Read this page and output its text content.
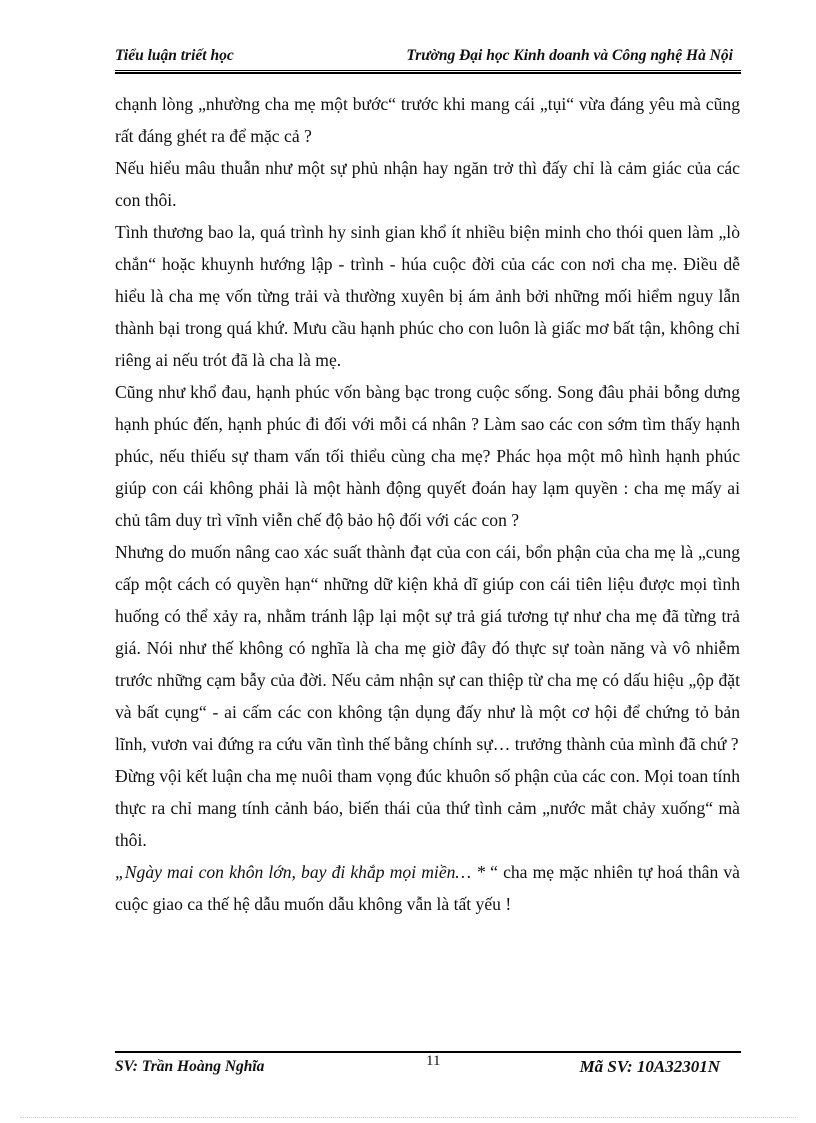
Tiểu luận triết học	Trường Đại học Kinh doanh và Công nghệ Hà Nội

chạnh lòng „nhường cha mẹ một bước“ trước khi mang cái „tụi“ vừa đáng yêu mà cũng rất đáng ghét ra để mặc cả ?

Nếu hiểu mâu thuẫn như một sự phủ nhận hay ngăn trở thì đấy chỉ là cảm giác của các con thôi.

Tình thương bao la, quá trình hy sinh gian khổ ít nhiều biện minh cho thói quen làm „lò chắn“ hoặc khuynh hướng lập - trình - húa cuộc đời của các con nơi cha mẹ. Điều dễ hiểu là cha mẹ vốn từng trải và thường xuyên bị ám ảnh bởi những mối hiểm nguy lẫn thành bại trong quá khứ. Mưu cầu hạnh phúc cho con luôn là giấc mơ bất tận, không chỉ riêng ai nếu trót đã là cha là mẹ.

Cũng như khổ đau, hạnh phúc vốn bàng bạc trong cuộc sống. Song đâu phải bỗng dưng hạnh phúc đến, hạnh phúc đi đối với mỗi cá nhân ? Làm sao các con sớm tìm thấy hạnh phúc, nếu thiếu sự tham vấn tối thiểu cùng cha mẹ? Phác họa một mô hình hạnh phúc giúp con cái không phải là một hành động quyết đoán hay lạm quyền : cha mẹ mấy ai chủ tâm duy trì vĩnh viễn chế độ bảo hộ đối với các con ?

Nhưng do muốn nâng cao xác suất thành đạt của con cái, bổn phận của cha mẹ là „cung cấp một cách có quyền hạn“ những dữ kiện khả dĩ giúp con cái tiên liệu được mọi tình huống có thể xảy ra, nhằm tránh lập lại một sự trả giá tương tự như cha mẹ đã từng trả giá. Nói như thế không có nghĩa là cha mẹ giờ đây đó thực sự toàn năng và vô nhiễm trước những cạm bẫy của đời. Nếu cảm nhận sự can thiệp từ cha mẹ có dấu hiệu „ộp đặt và bất cụng“ - ai cấm các con không tận dụng đấy như là một cơ hội để chứng tỏ bản lĩnh, vươn vai đứng ra cứu vãn tình thế bằng chính sự… trưởng thành của mình đã chứ ?

Đừng vội kết luận cha mẹ nuôi tham vọng đúc khuôn số phận của các con. Mọi toan tính thực ra chỉ mang tính cảnh báo, biến thái của thứ tình cảm „nước mắt chảy xuống“ mà thôi.

„Ngày mai con khôn lớn, bay đi khắp mọi miền… * “ cha mẹ mặc nhiên tự hoá thân và cuộc giao ca thế hệ dẫu muốn dẫu không vẫn là tất yếu !

SV: Trần Hoàng Nghĩa	11	Mã SV: 10A32301N
